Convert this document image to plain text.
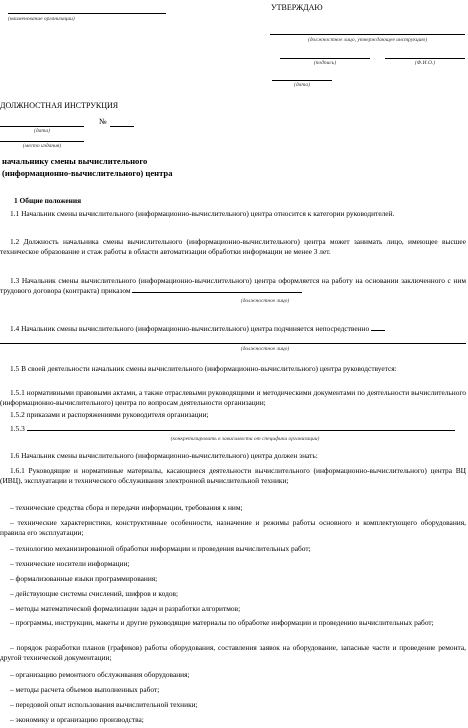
(наименование организации)
УТВЕРЖДАЮ
(должностное лицо, утверждающее инструкцию)
(подпись)	(Ф.И.О.)
(дата)
ДОЛЖНОСТНАЯ ИНСТРУКЦИЯ
№
(дата)
(место издания)
начальнику смены вычислительного
(информационно-вычислительного) центра
1 Общие положения
1.1 Начальник смены вычислительного (информационно-вычислительного) центра относится к категории руководителей.
1.2 Должность начальника смены вычислительного (информационно-вычислительного) центра может занимать лицо, имеющее высшее техническое образование и стаж работы в области автоматизации обработки информации не менее 3 лет.
1.3 Начальник смены вычислительного (информационно-вычислительного) центра оформляется на работу на основании заключенного с ним трудового договора (контракта) приказом
(должностное лицо)
1.4 Начальник смены вычислительного (информационно-вычислительного) центра подчиняется непосредственно
(должностное лицо)
1.5 В своей деятельности начальник смены вычислительного (информационно-вычислительного) центра руководствуется:
1.5.1 нормативными правовыми актами, а также отраслевыми руководящими и методическими документами по деятельности вычислительного (информационно-вычислительного) центра по вопросам деятельности организации;
1.5.2 приказами и распоряжениями руководителя организации;
1.5.3
(конкретизировать в зависимости от специфики организации)
1.6 Начальник смены вычислительного (информационно-вычислительного) центра должен знать:
1.6.1 Руководящие и нормативные материалы, касающиеся деятельности вычислительного (информационно-вычислительного) центра ВЦ (ИВЦ), эксплуатации и технического обслуживания электронной вычислительной техники;
– технические средства сбора и передачи информации, требования к ним;
– технические характеристики, конструктивные особенности, назначение и режимы работы основного и комплектующего оборудования, правила его эксплуатации;
– технологию механизированной обработки информации и проведения вычислительных работ;
– технические носители информации;
– формализованные языки программирования;
– действующие системы счислений, шифров и кодов;
– методы математической формализации задач и разработки алгоритмов;
– программы, инструкции, макеты и другие руководящие материалы по обработке информации и проведению вычислительных работ;
– порядок разработки планов (графиков) работы оборудования, составления заявок на оборудование, запасные части и проведение ремонта, другой технической документации;
– организацию ремонтного обслуживания оборудования;
– методы расчета объемов выполненных работ;
– передовой опыт использования вычислительной техники;
– экономику и организацию производства;
